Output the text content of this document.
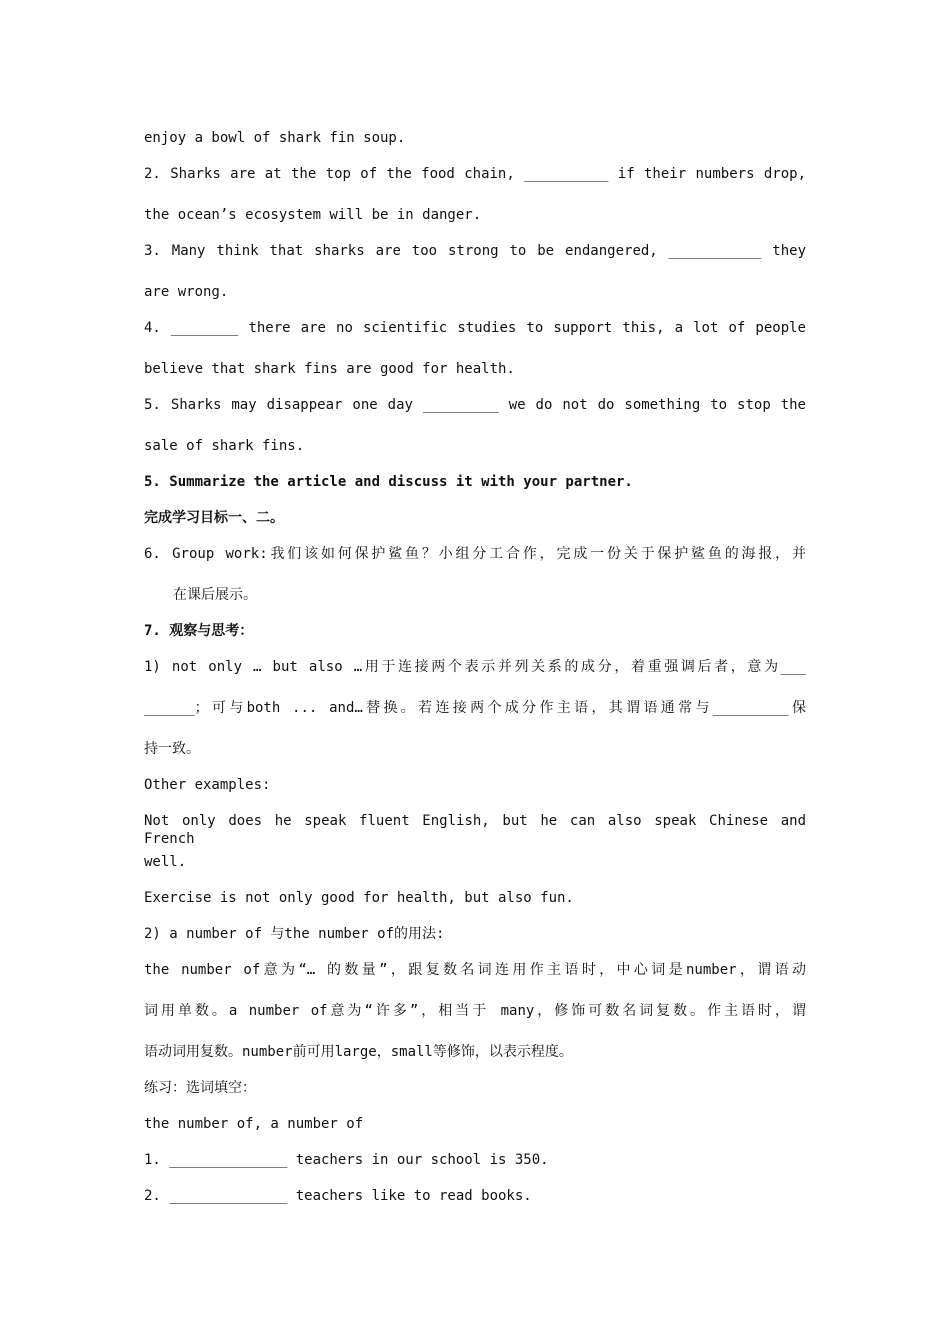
enjoy a bowl of shark fin soup.
2. Sharks are at the top of the food chain, __________ if their numbers drop,
the ocean’s ecosystem will be in danger.
3. Many think that sharks are too strong to be endangered, ___________ they
are wrong.
4. ________ there are no scientific studies to support this, a lot of people
believe that shark fins are good for health.
5. Sharks may disappear one day _________ we do not do something to stop the
sale of shark fins.
5. Summarize the article and discuss it with your partner.
完成学习目标一、二。
6. Group work:我们该如何保护鲨鱼？小组分工合作，完成一份关于保护鲨鱼的海报，并
在课后展示。
7. 观察与思考：
1) not only … but also …用于连接两个表示并列关系的成分，着重强调后者，意为___
______；可与both ... and…替换。若连接两个成分作主语，其谓语通常与_________保
持一致。
Other examples:
Not only does he speak fluent English, but he can also speak Chinese and French
well.
Exercise is not only good for health, but also fun.
2) a number of 与the number of的用法:
the number of意为“… 的数量”，跟复数名词连用作主语时，中心词是number，谓语动
词用单数。a number of意为“许多”，相当于 many，修饰可数名词复数。作主语时，谓
语动词用复数。number前可用large，small等修饰，以表示程度。
练习：选词填空：
the number of, a number of
1. ______________ teachers in our school is 350.
2. ______________ teachers like to read books.
